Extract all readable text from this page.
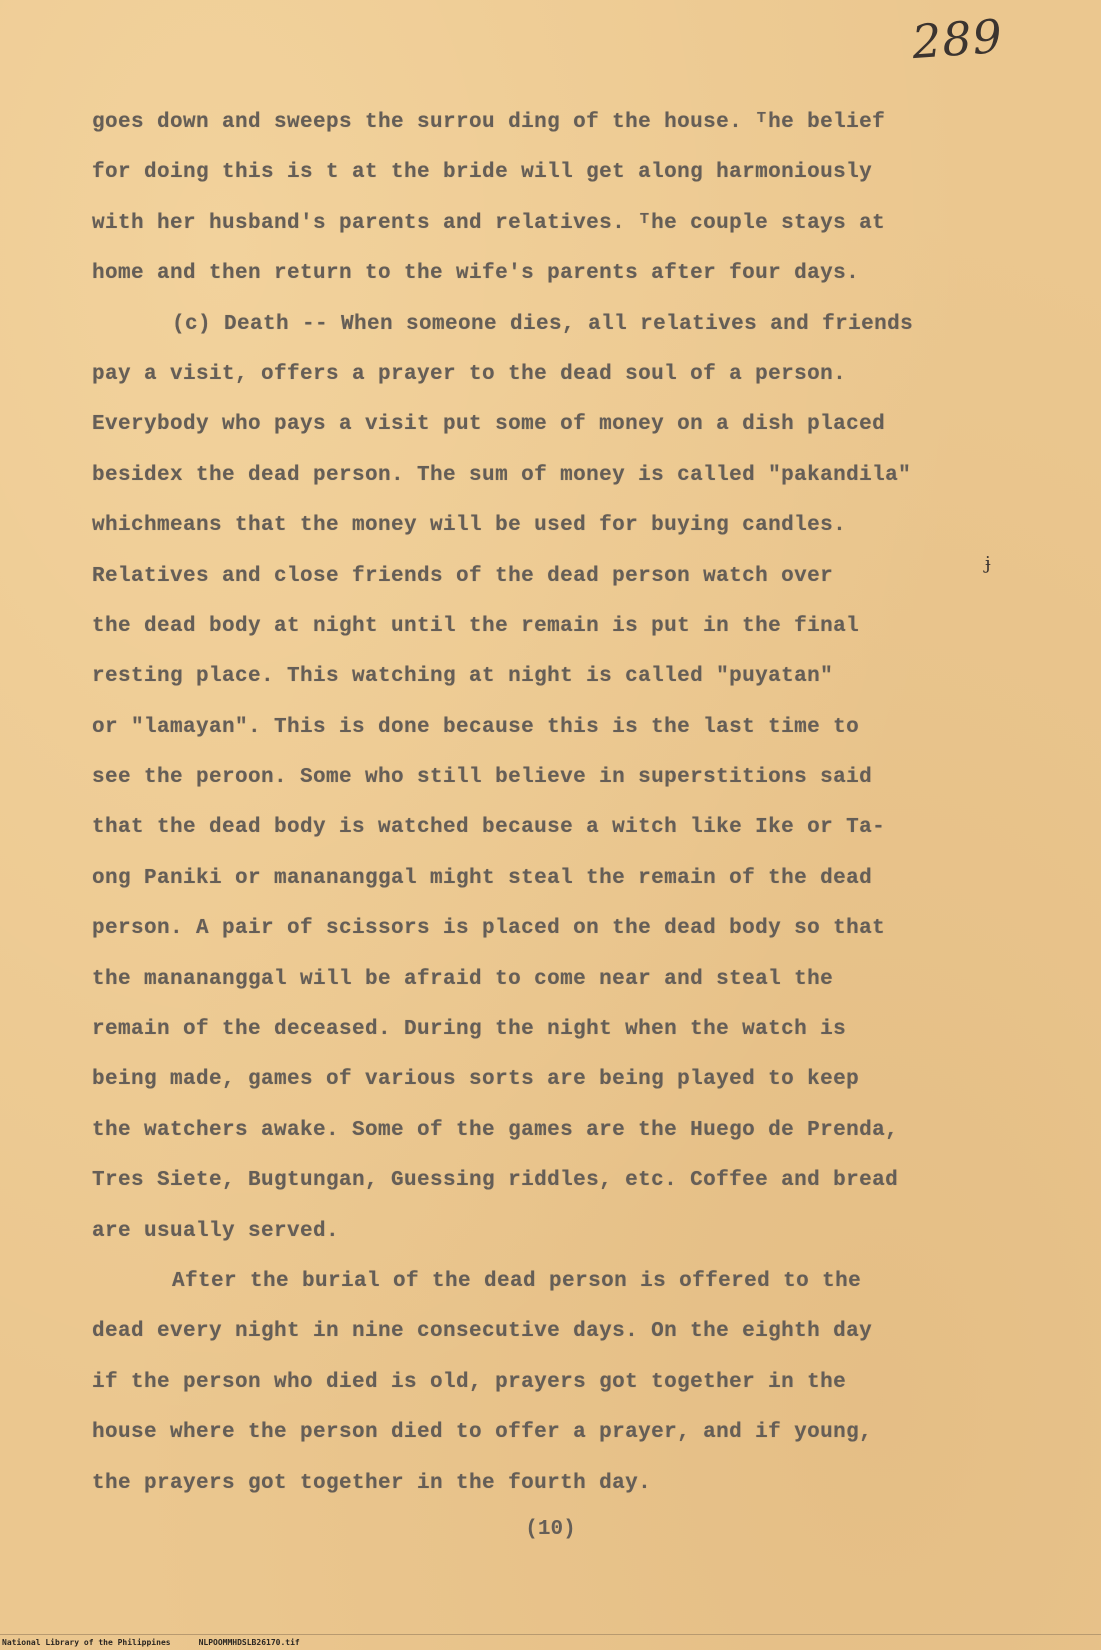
289
ɉ
goes down and sweeps the surrou ding of the house. ᵀhe belief
for doing this is t at the bride will get along harmoniously
with her husband's parents and relatives. ᵀhe couple stays at
home and then return to the wife's parents after four days.
(c) Death -- When someone dies, all relatives and friends
pay a visit, offers a prayer to the dead soul of a person.
Everybody who pays a visit put some of money on a dish placed
besidex the dead person. The sum of money is called "pakandila"
whichmeans that the money will be used for buying candles.
Relatives and close friends of the dead person watch over
the dead body at night until the remain is put in the final
resting place. This watching at night is called "puyatan"
or "lamayan". This is done because this is the last time to
see the peroon. Some who still believe in superstitions said
that the dead body is watched because a witch like Ike or Ta-
ong Paniki or manananggal might steal the remain of the dead
person. A pair of scissors is placed on the dead body so that
the manananggal will be afraid to come near and steal the
remain of the deceased. During the night when the watch is
being made, games of various sorts are being played to keep
the watchers awake. Some of the games are the Huego de Prenda,
Tres Siete, Bugtungan, Guessing riddles, etc. Coffee and bread
are usually served.
After the burial of the dead person is offered to the
dead every night in nine consecutive days. On the eighth day
if the person who died is old, prayers got together in the
house where the person died to offer a prayer, and if young,
the prayers got together in the fourth day.
(10)
National Library of the Philippines	NLPOOMMHDSLB26170.tif
